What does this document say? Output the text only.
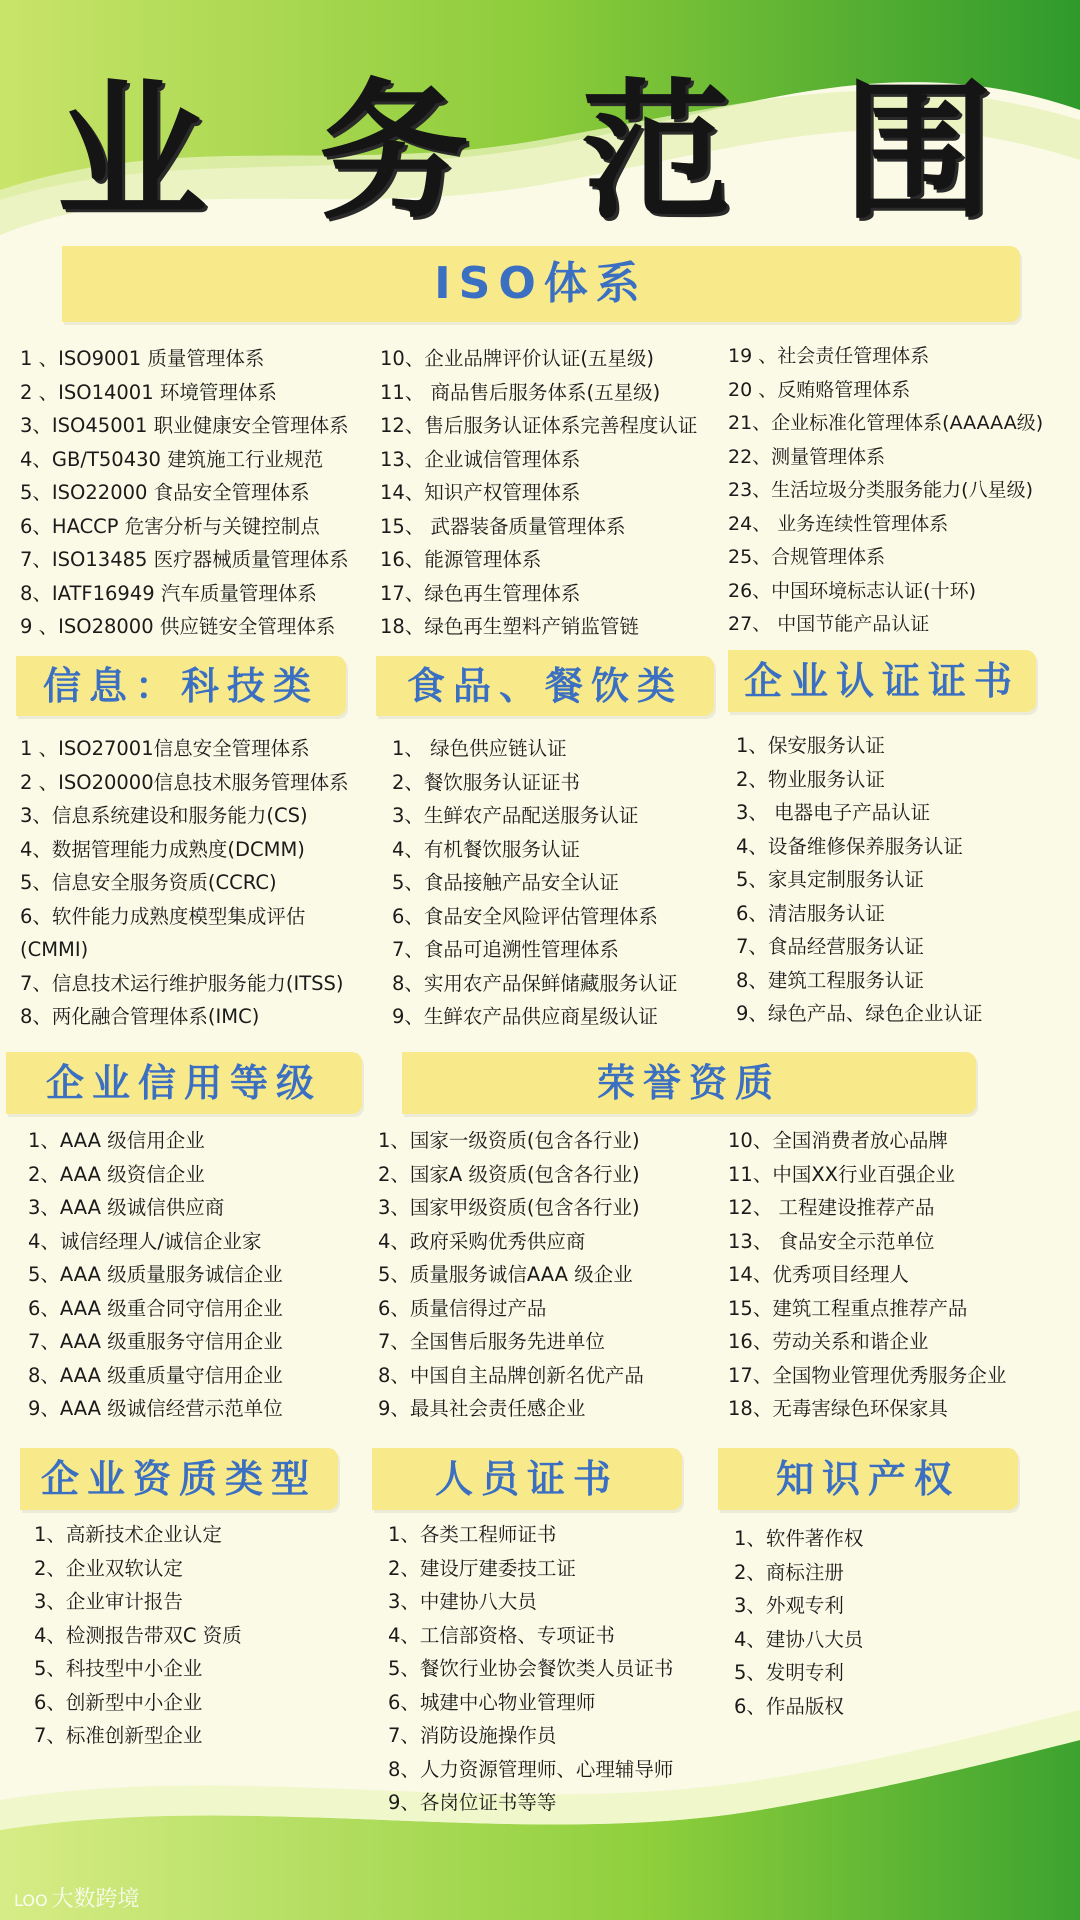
业 务 范 围
ISO体系
1 、ISO9001 质量管理体系
2 、ISO14001 环境管理体系
3、ISO45001 职业健康安全管理体系
4、GB/T50430 建筑施工行业规范
5、ISO22000 食品安全管理体系
6、HACCP 危害分析与关键控制点
7、ISO13485 医疗器械质量管理体系
8、IATF16949 汽车质量管理体系
9 、ISO28000 供应链安全管理体系
10、企业品牌评价认证(五星级)
11、 商品售后服务体系(五星级)
12、售后服务认证体系完善程度认证
13、企业诚信管理体系
14、知识产权管理体系
15、 武器装备质量管理体系
16、能源管理体系
17、绿色再生管理体系
18、绿色再生塑料产销监管链
19 、社会责任管理体系
20 、反贿赂管理体系
21、企业标准化管理体系(AAAAA级)
22、测量管理体系
23、生活垃圾分类服务能力(八星级)
24、 业务连续性管理体系
25、合规管理体系
26、中国环境标志认证(十环)
27、 中国节能产品认证
信息：科技类	食品、餐饮类	企业认证证书
1 、ISO27001信息安全管理体系
2 、ISO20000信息技术服务管理体系
3、信息系统建设和服务能力(CS)
4、数据管理能力成熟度(DCMM)
5、信息安全服务资质(CCRC)
6、软件能力成熟度模型集成评估
(CMMI)
7、信息技术运行维护服务能力(ITSS)
8、两化融合管理体系(IMC)
1、 绿色供应链认证
2、餐饮服务认证证书
3、生鲜农产品配送服务认证
4、有机餐饮服务认证
5、食品接触产品安全认证
6、食品安全风险评估管理体系
7、食品可追溯性管理体系
8、实用农产品保鲜储藏服务认证
9、生鲜农产品供应商星级认证
1、保安服务认证
2、物业服务认证
3、 电器电子产品认证
4、设备维修保养服务认证
5、家具定制服务认证
6、清洁服务认证
7、食品经营服务认证
8、建筑工程服务认证
9、绿色产品、绿色企业认证
企业信用等级	荣誉资质
1、AAA 级信用企业
2、AAA 级资信企业
3、AAA 级诚信供应商
4、诚信经理人/诚信企业家
5、AAA 级质量服务诚信企业
6、AAA 级重合同守信用企业
7、AAA 级重服务守信用企业
8、AAA 级重质量守信用企业
9、AAA 级诚信经营示范单位
1、国家一级资质(包含各行业)
2、国家A 级资质(包含各行业)
3、国家甲级资质(包含各行业)
4、政府采购优秀供应商
5、质量服务诚信AAA 级企业
6、质量信得过产品
7、全国售后服务先进单位
8、中国自主品牌创新名优产品
9、最具社会责任感企业
10、全国消费者放心品牌
11、中国XX行业百强企业
12、 工程建设推荐产品
13、 食品安全示范单位
14、优秀项目经理人
15、建筑工程重点推荐产品
16、劳动关系和谐企业
17、全国物业管理优秀服务企业
18、无毒害绿色环保家具
企业资质类型	人员证书	知识产权
1、高新技术企业认定
2、企业双软认定
3、企业审计报告
4、检测报告带双C 资质
5、科技型中小企业
6、创新型中小企业
7、标准创新型企业
1、各类工程师证书
2、建设厅建委技工证
3、中建协八大员
4、工信部资格、专项证书
5、餐饮行业协会餐饮类人员证书
6、城建中心物业管理师
7、消防设施操作员
8、人力资源管理师、心理辅导师
9、各岗位证书等等
1、软件著作权
2、商标注册
3、外观专利
4、建协八大员
5、发明专利
6、作品版权
LOO 大数跨境
